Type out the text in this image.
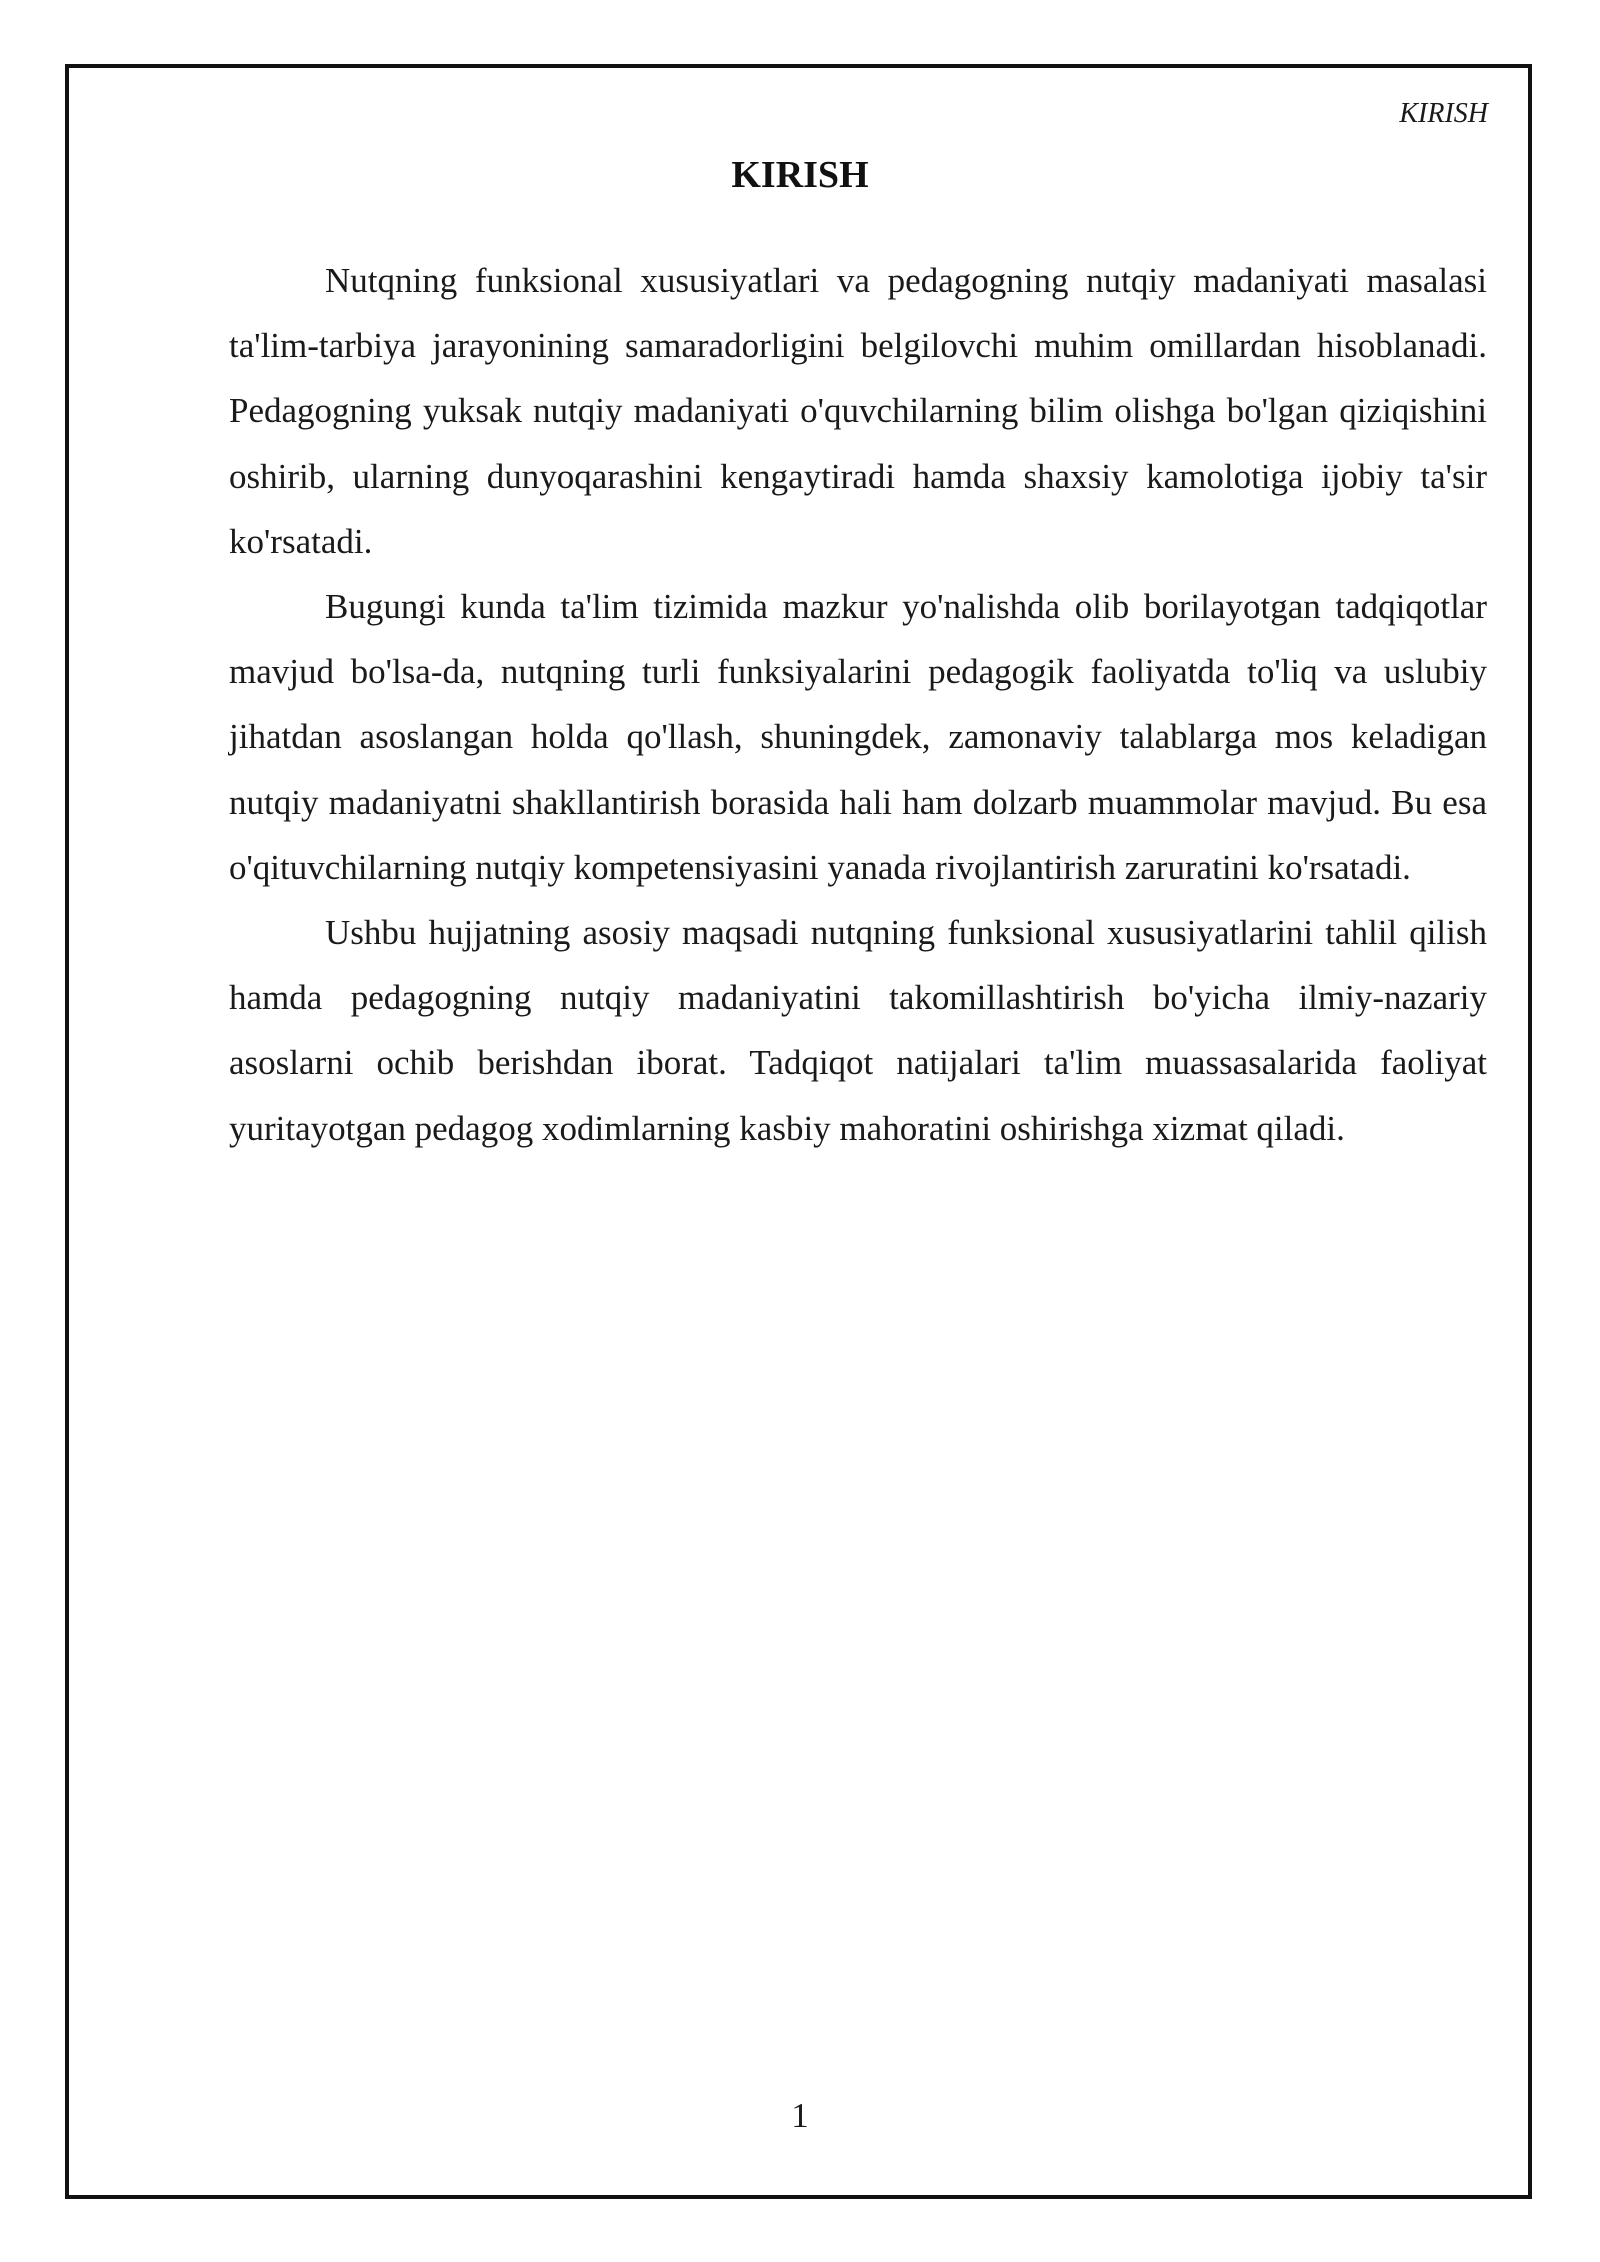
KIRISH
KIRISH

Nutqning funksional xususiyatlari va pedagogning nutqiy madaniyati masalasi ta'lim-tarbiya jarayonining samaradorligini belgilovchi muhim omillardan hisoblanadi. Pedagogning yuksak nutqiy madaniyati o'quvchilarning bilim olishga bo'lgan qiziqishini oshirib, ularning dunyoqarashini kengaytiradi hamda shaxsiy kamolotiga ijobiy ta'sir ko'rsatadi.

Bugungi kunda ta'lim tizimida mazkur yo'nalishda olib borilayotgan tadqiqotlar mavjud bo'lsa-da, nutqning turli funksiyalarini pedagogik faoliyatda to'liq va uslubiy jihatdan asoslangan holda qo'llash, shuningdek, zamonaviy talablarga mos keladigan nutqiy madaniyatni shakllantirish borasida hali ham dolzarb muammolar mavjud. Bu esa o'qituvchilarning nutqiy kompetensiyasini yanada rivojlantirish zaruratini ko'rsatadi.

Ushbu hujjatning asosiy maqsadi nutqning funksional xususiyatlarini tahlil qilish hamda pedagogning nutqiy madaniyatini takomillashtirish bo'yicha ilmiy-nazariy asoslarni ochib berishdan iborat. Tadqiqot natijalari ta'lim muassasalarida faoliyat yuritayotgan pedagog xodimlarning kasbiy mahoratini oshirishga xizmat qiladi.

1
